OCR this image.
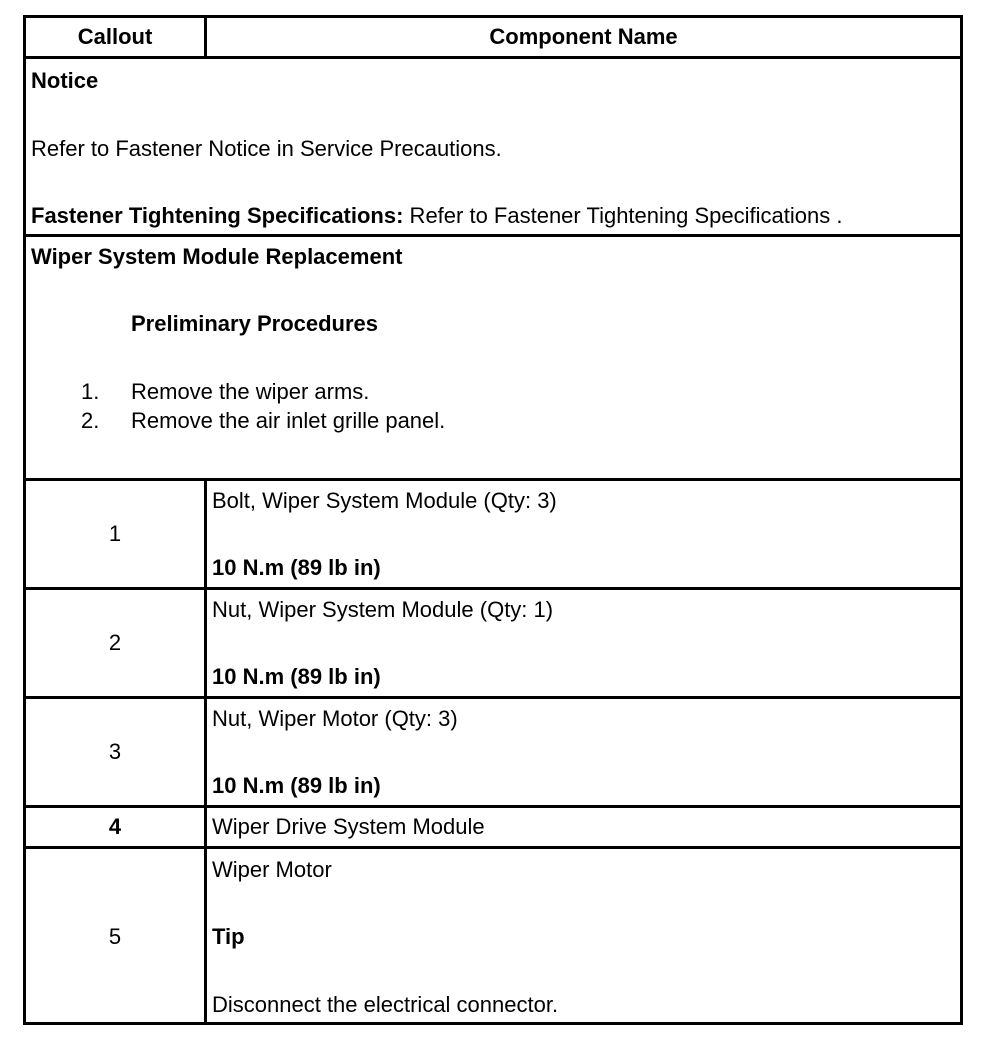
Callout	Component Name
Notice
Refer to Fastener Notice in Service Precautions.
Fastener Tightening Specifications: Refer to Fastener Tightening Specifications .
Wiper System Module Replacement
Preliminary Procedures
1. Remove the wiper arms.
2. Remove the air inlet grille panel.
1
Bolt, Wiper System Module (Qty: 3)
10 N.m (89 lb in)
2
Nut, Wiper System Module (Qty: 1)
10 N.m (89 lb in)
3
Nut, Wiper Motor (Qty: 3)
10 N.m (89 lb in)
4	Wiper Drive System Module
5
Wiper Motor
Tip
Disconnect the electrical connector.
